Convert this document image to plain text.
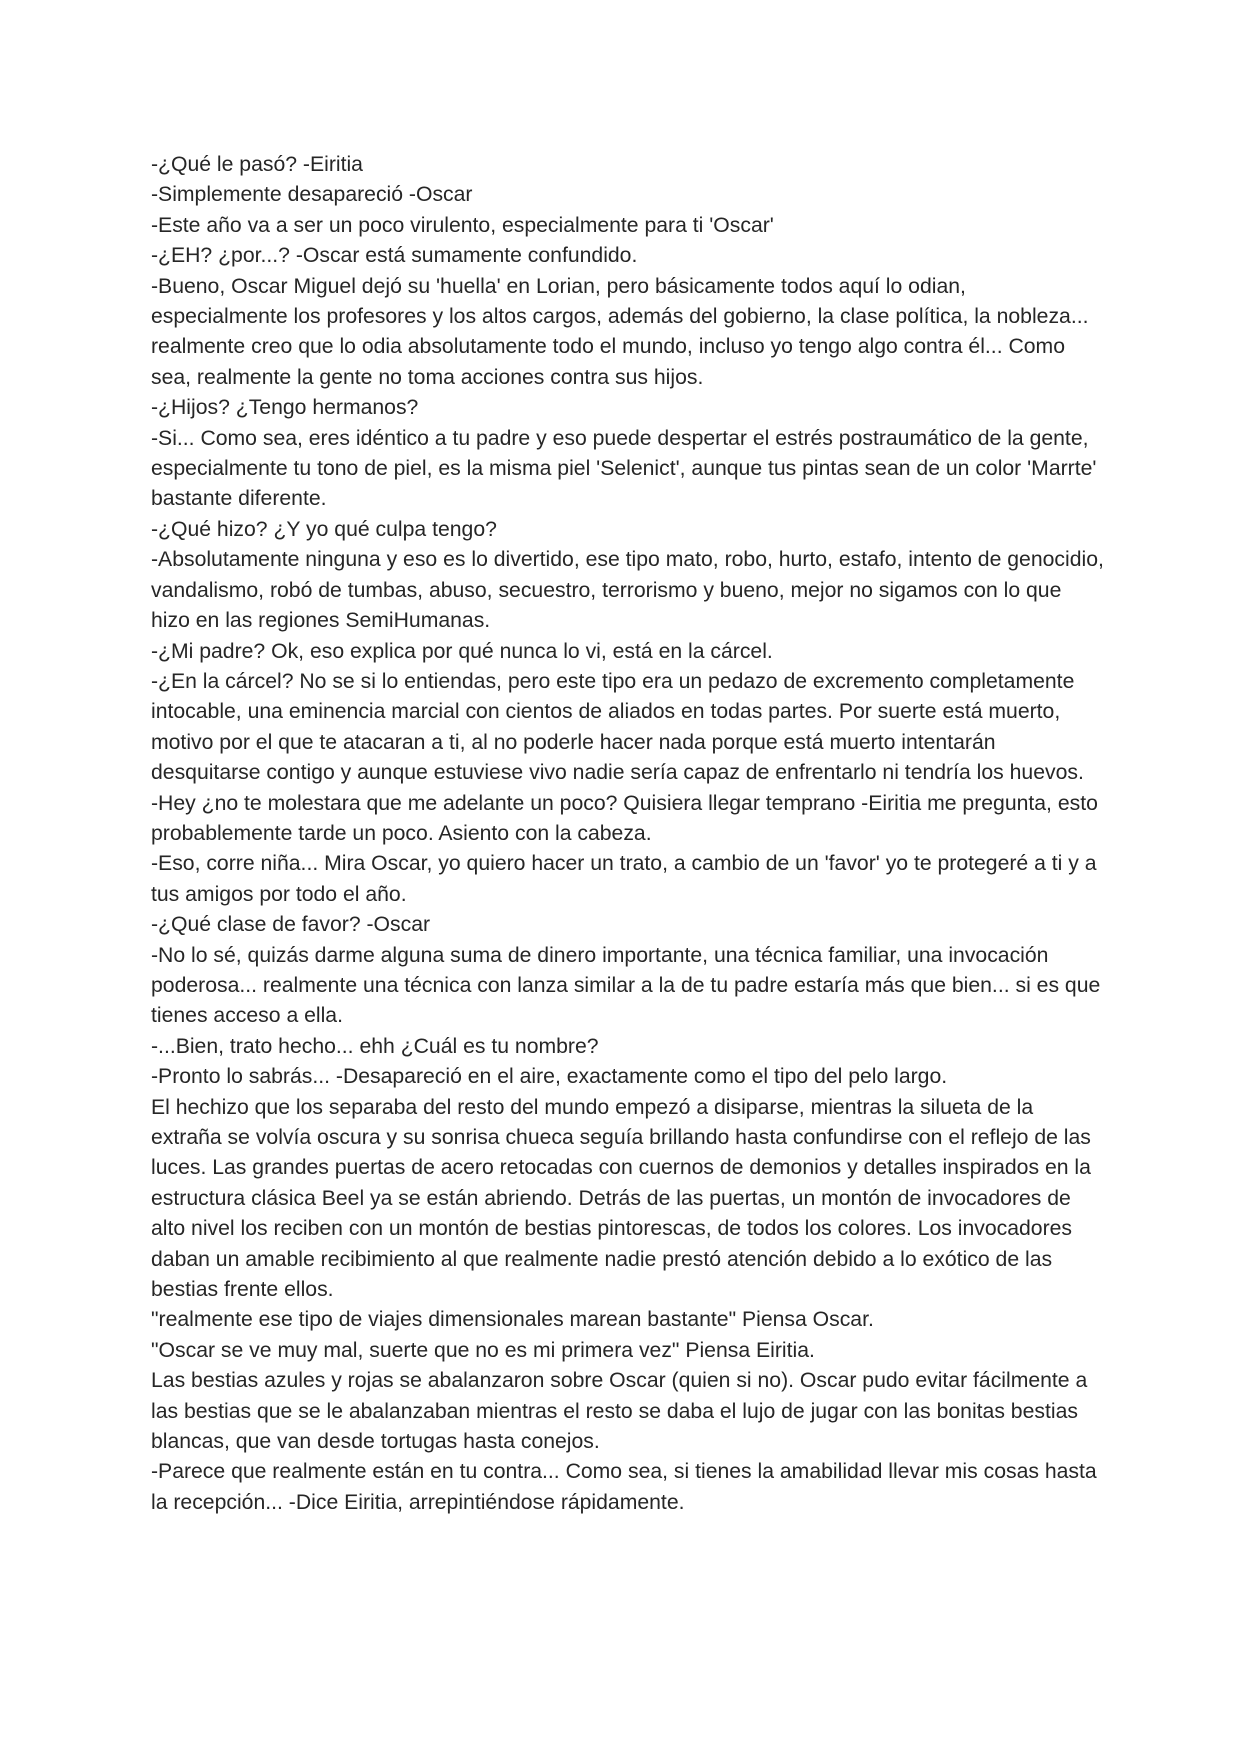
-¿Qué le pasó? -Eiritia

-Simplemente desapareció -Oscar

-Este año va a ser un poco virulento, especialmente para ti 'Oscar'

-¿EH? ¿por...? -Oscar está sumamente confundido.

-Bueno, Oscar Miguel dejó su 'huella' en Lorian, pero básicamente todos aquí lo odian, especialmente los profesores y los altos cargos, además del gobierno, la clase política, la nobleza... realmente creo que lo odia absolutamente todo el mundo, incluso yo tengo algo contra él... Como sea, realmente la gente no toma acciones contra sus hijos.

-¿Hijos? ¿Tengo hermanos?

-Si... Como sea, eres idéntico a tu padre y eso puede despertar el estrés postraumático de la gente, especialmente tu tono de piel, es la misma piel 'Selenict', aunque tus pintas sean de un color 'Marrte' bastante diferente.

-¿Qué hizo? ¿Y yo qué culpa tengo?

-Absolutamente ninguna y eso es lo divertido, ese tipo mato, robo, hurto, estafo, intento de genocidio, vandalismo, robó de tumbas, abuso, secuestro, terrorismo y bueno, mejor no sigamos con lo que hizo en las regiones SemiHumanas.

-¿Mi padre? Ok, eso explica por qué nunca lo vi, está en la cárcel.

-¿En la cárcel? No se si lo entiendas, pero este tipo era un pedazo de excremento completamente intocable, una eminencia marcial con cientos de aliados en todas partes. Por suerte está muerto, motivo por el que te atacaran a ti, al no poderle hacer nada porque está muerto intentarán desquitarse contigo y aunque estuviese vivo nadie sería capaz de enfrentarlo ni tendría los huevos.

-Hey ¿no te molestara que me adelante un poco? Quisiera llegar temprano -Eiritia me pregunta, esto probablemente tarde un poco. Asiento con la cabeza.

-Eso, corre niña... Mira Oscar, yo quiero hacer un trato, a cambio de un 'favor' yo te protegeré a ti y a tus amigos por todo el año.

-¿Qué clase de favor? -Oscar

-No lo sé, quizás darme alguna suma de dinero importante, una técnica familiar, una invocación poderosa... realmente una técnica con lanza similar a la de tu padre estaría más que bien... si es que tienes acceso a ella.

-...Bien, trato hecho... ehh ¿Cuál es tu nombre?

-Pronto lo sabrás... -Desapareció en el aire, exactamente como el tipo del pelo largo.

El hechizo que los separaba del resto del mundo empezó a disiparse, mientras la silueta de la extraña se volvía oscura y su sonrisa chueca seguía brillando hasta confundirse con el reflejo de las luces. Las grandes puertas de acero retocadas con cuernos de demonios y detalles inspirados en la estructura clásica Beel ya se están abriendo. Detrás de las puertas, un montón de invocadores de alto nivel los reciben con un montón de bestias pintorescas, de todos los colores. Los invocadores daban un amable recibimiento al que realmente nadie prestó atención debido a lo exótico de las bestias frente ellos.

"realmente ese tipo de viajes dimensionales marean bastante" Piensa Oscar.

"Oscar se ve muy mal, suerte que no es mi primera vez" Piensa Eiritia.

Las bestias azules y rojas se abalanzaron sobre Oscar (quien si no). Oscar pudo evitar fácilmente a las bestias que se le abalanzaban mientras el resto se daba el lujo de jugar con las bonitas bestias blancas, que van desde tortugas hasta conejos.

-Parece que realmente están en tu contra... Como sea, si tienes la amabilidad llevar mis cosas hasta la recepción... -Dice Eiritia, arrepintiéndose rápidamente.
